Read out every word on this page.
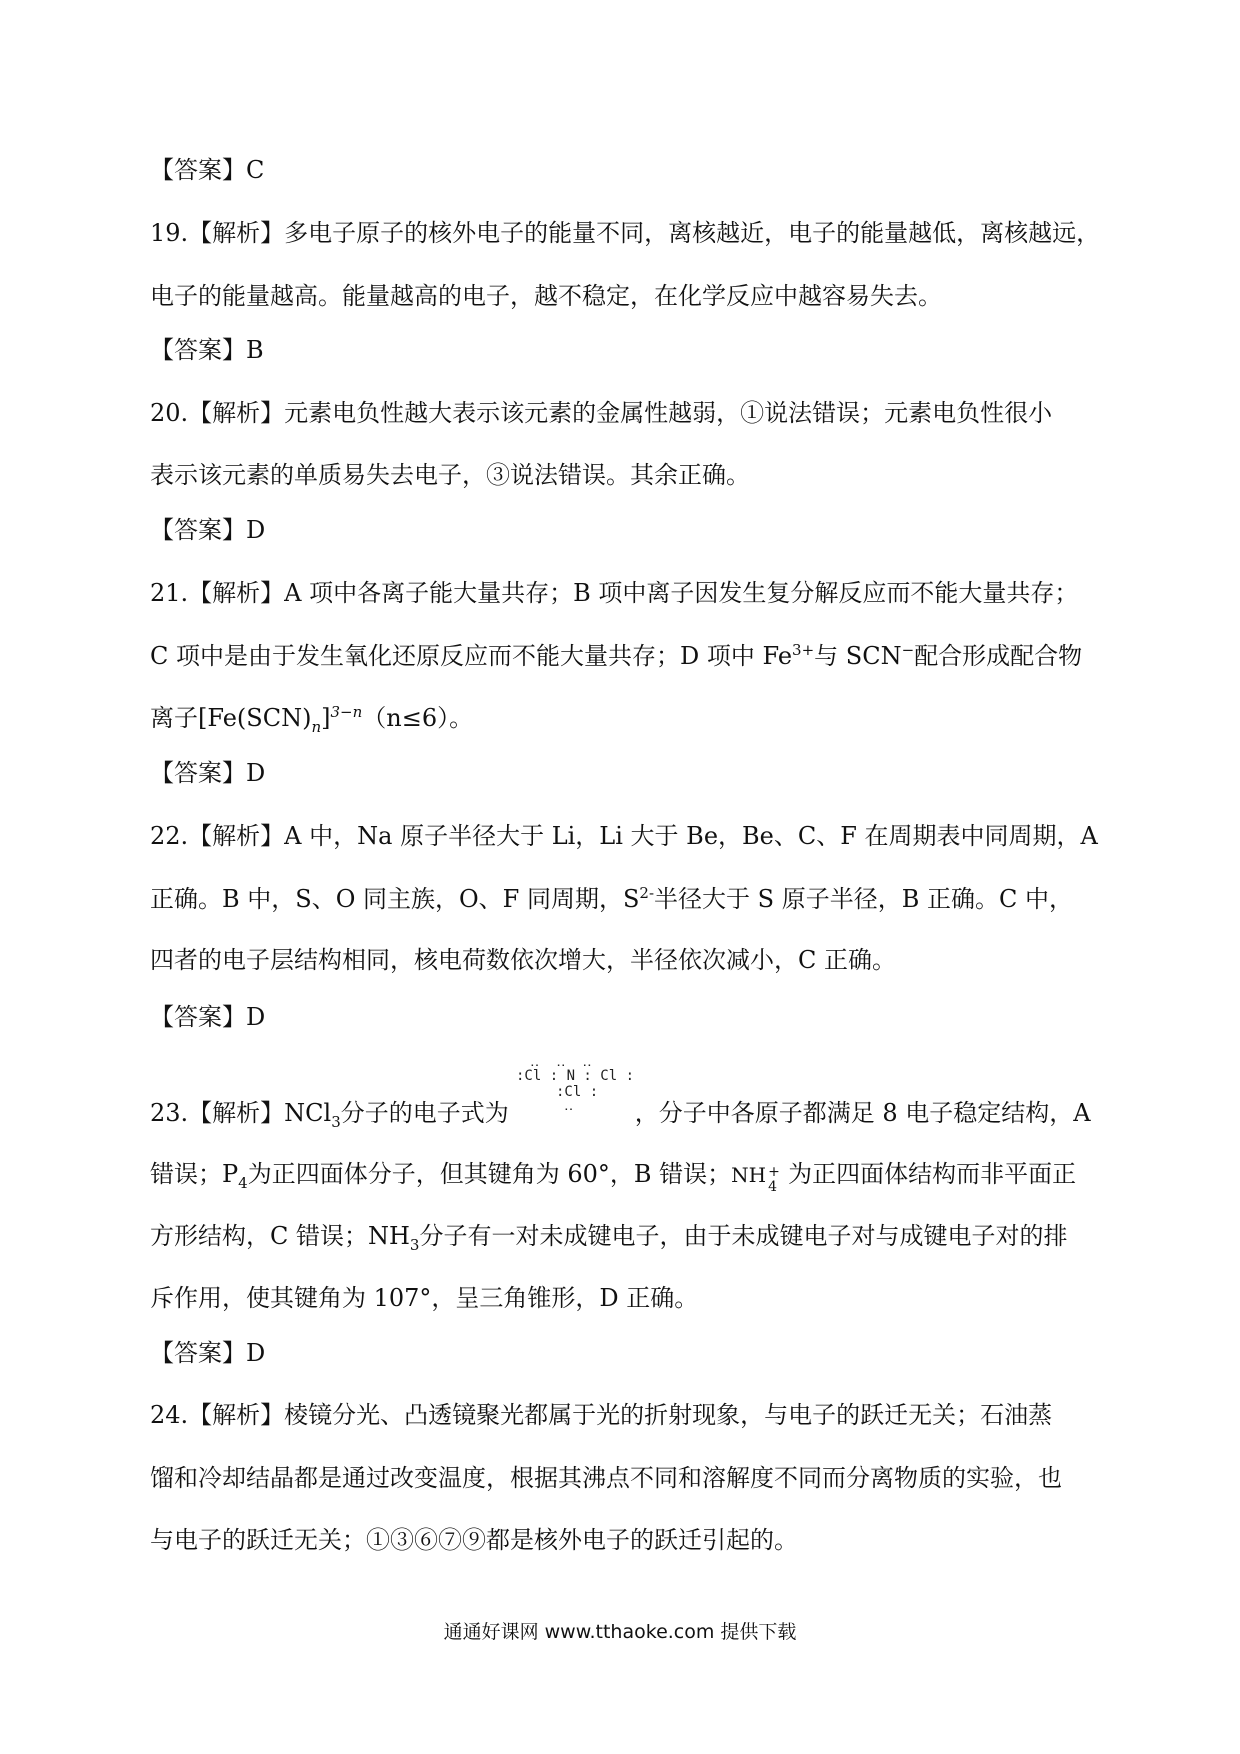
【答案】C
19.【解析】多电子原子的核外电子的能量不同，离核越近，电子的能量越低，离核越远，
电子的能量越高。能量越高的电子，越不稳定，在化学反应中越容易失去。
【答案】B
20.【解析】元素电负性越大表示该元素的金属性越弱，①说法错误；元素电负性很小
表示该元素的单质易失去电子，③说法错误。其余正确。
【答案】D
21.【解析】A 项中各离子能大量共存；B 项中离子因发生复分解反应而不能大量共存；
C 项中是由于发生氧化还原反应而不能大量共存；D 项中 $Fe^{3+}$与 SCN−配合形成配合物
离子$[Fe(SCN)_n]^{3-n}(n\le 6)$。
【答案】D
22.【解析】A 中，Na 原子半径大于 Li，Li 大于 Be，Be、C、F 在周期表中同周期，A
正确。B 中，S、O 同主族，O、F 同周期，$S^{2-}$半径大于 S 原子半径，B 正确。C 中，
四者的电子层结构相同，核电荷数依次增大，半径依次减小，C 正确。
【答案】D
23.【解析】NCl$_3$分子的电子式为	，分子中各原子都满足 8 电子稳定结构，A
‥  ‥  ‥
:Cl : N : Cl :
:Cl :
‥
错误；$P_4$为正四面体分子，但其键角为 60°，B 错误；NH +
4 为正四面体结构而非平面正
方形结构，C 错误；$NH_3$分子有一对未成键电子，由于未成键电子对与成键电子对的排
斥作用，使其键角为 107°，呈三角锥形，D 正确。
【答案】D
24.【解析】棱镜分光、凸透镜聚光都属于光的折射现象，与电子的跃迁无关；石油蒸
馏和冷却结晶都是通过改变温度，根据其沸点不同和溶解度不同而分离物质的实验，也
与电子的跃迁无关；①③⑥⑦⑨都是核外电子的跃迁引起的。
通通好课网 www.tthaoke.com 提供下载
